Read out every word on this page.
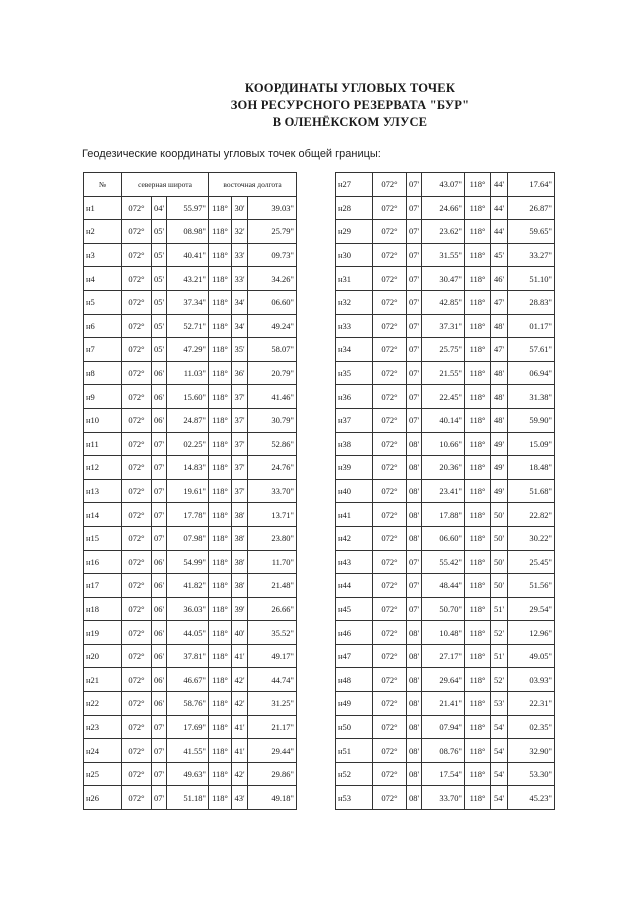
КООРДИНАТЫ УГЛОВЫХ ТОЧЕК
ЗОН РЕСУРСНОГО РЕЗЕРВАТА "БУР"
В ОЛЕНЁКСКОМ УЛУСЕ
Геодезические координаты угловых точек общей границы:
№	северная широта			восточная долгота		
н1	072°	04'	55.97"	118°	30'	39.03"
н2	072°	05'	08.98"	118°	32'	25.79"
н3	072°	05'	40.41"	118°	33'	09.73"
н4	072°	05'	43.21"	118°	33'	34.26"
н5	072°	05'	37.34"	118°	34'	06.60"
н6	072°	05'	52.71"	118°	34'	49.24"
н7	072°	05'	47.29"	118°	35'	58.07"
н8	072°	06'	11.03"	118°	36'	20.79"
н9	072°	06'	15.60"	118°	37'	41.46"
н10	072°	06'	24.87"	118°	37'	30.79"
н11	072°	07'	02.25"	118°	37'	52.86"
н12	072°	07'	14.83"	118°	37'	24.76"
н13	072°	07'	19.61"	118°	37'	33.70"
н14	072°	07'	17.78"	118°	38'	13.71"
н15	072°	07'	07.98"	118°	38'	23.80"
н16	072°	06'	54.99"	118°	38'	11.70"
н17	072°	06'	41.82"	118°	38'	21.48"
н18	072°	06'	36.03"	118°	39'	26.66"
н19	072°	06'	44.05"	118°	40'	35.52"
н20	072°	06'	37.81"	118°	41'	49.17"
н21	072°	06'	46.67"	118°	42'	44.74"
н22	072°	06'	58.76"	118°	42'	31.25"
н23	072°	07'	17.69"	118°	41'	21.17"
н24	072°	07'	41.55"	118°	41'	29.44"
н25	072°	07'	49.63"	118°	42'	29.86"
н26	072°	07'	51.18"	118°	43'	49.18"
н27	072°	07'	43.07"	118°	44'	17.64"
н28	072°	07'	24.66"	118°	44'	26.87"
н29	072°	07'	23.62"	118°	44'	59.65"
н30	072°	07'	31.55"	118°	45'	33.27"
н31	072°	07'	30.47"	118°	46'	51.10"
н32	072°	07'	42.85"	118°	47'	28.83"
н33	072°	07'	37.31"	118°	48'	01.17"
н34	072°	07'	25.75"	118°	47'	57.61"
н35	072°	07'	21.55"	118°	48'	06.94"
н36	072°	07'	22.45"	118°	48'	31.38"
н37	072°	07'	40.14"	118°	48'	59.90"
н38	072°	08'	10.66"	118°	49'	15.09"
н39	072°	08'	20.36"	118°	49'	18.48"
н40	072°	08'	23.41"	118°	49'	51.68"
н41	072°	08'	17.88"	118°	50'	22.82"
н42	072°	08'	06.60"	118°	50'	30.22"
н43	072°	07'	55.42"	118°	50'	25.45"
н44	072°	07'	48.44"	118°	50'	51.56"
н45	072°	07'	50.70"	118°	51'	29.54"
н46	072°	08'	10.48"	118°	52'	12.96"
н47	072°	08'	27.17"	118°	51'	49.05"
н48	072°	08'	29.64"	118°	52'	03.93"
н49	072°	08'	21.41"	118°	53'	22.31"
н50	072°	08'	07.94"	118°	54'	02.35"
н51	072°	08'	08.76"	118°	54'	32.90"
н52	072°	08'	17.54"	118°	54'	53.30"
н53	072°	08'	33.70"	118°	54'	45.23"
